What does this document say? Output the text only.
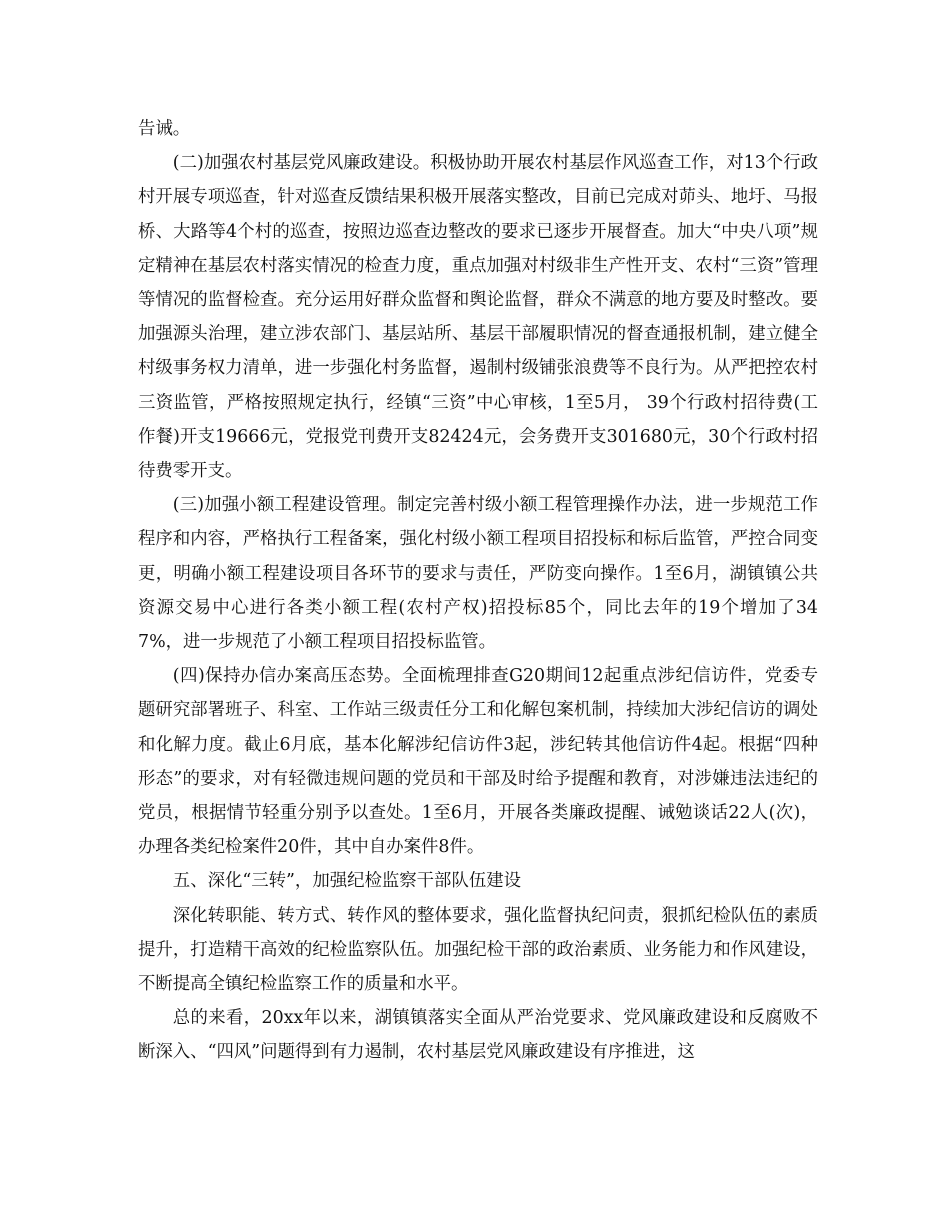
告诫。

(二)加强农村基层党风廉政建设。积极协助开展农村基层作风巡查工作，对13个行政村开展专项巡查，针对巡查反馈结果积极开展落实整改，目前已完成对茆头、地圩、马报桥、大路等4个村的巡查，按照边巡查边整改的要求已逐步开展督查。加大“中央八项”规定精神在基层农村落实情况的检查力度，重点加强对村级非生产性开支、农村“三资”管理等情况的监督检查。充分运用好群众监督和舆论监督，群众不满意的地方要及时整改。要加强源头治理，建立涉农部门、基层站所、基层干部履职情况的督查通报机制，建立健全村级事务权力清单，进一步强化村务监督，遏制村级铺张浪费等不良行为。从严把控农村三资监管，严格按照规定执行，经镇“三资”中心审核，1至5月， 39个行政村招待费(工作餐)开支19666元，党报党刊费开支82424元，会务费开支301680元，30个行政村招待费零开支。

(三)加强小额工程建设管理。制定完善村级小额工程管理操作办法，进一步规范工作程序和内容，严格执行工程备案，强化村级小额工程项目招投标和标后监管，严控合同变更，明确小额工程建设项目各环节的要求与责任，严防变向操作。1至6月，湖镇镇公共资源交易中心进行各类小额工程(农村产权)招投标85个，同比去年的19个增加了347%，进一步规范了小额工程项目招投标监管。

(四)保持办信办案高压态势。全面梳理排查G20期间12起重点涉纪信访件，党委专题研究部署班子、科室、工作站三级责任分工和化解包案机制，持续加大涉纪信访的调处和化解力度。截止6月底，基本化解涉纪信访件3起，涉纪转其他信访件4起。根据“四种形态”的要求，对有轻微违规问题的党员和干部及时给予提醒和教育，对涉嫌违法违纪的党员，根据情节轻重分别予以查处。1至6月，开展各类廉政提醒、诫勉谈话22人(次)，办理各类纪检案件20件，其中自办案件8件。

五、深化“三转”，加强纪检监察干部队伍建设

深化转职能、转方式、转作风的整体要求，强化监督执纪问责，狠抓纪检队伍的素质提升，打造精干高效的纪检监察队伍。加强纪检干部的政治素质、业务能力和作风建设，不断提高全镇纪检监察工作的质量和水平。

总的来看，20xx年以来，湖镇镇落实全面从严治党要求、党风廉政建设和反腐败不断深入、“四风”问题得到有力遏制，农村基层党风廉政建设有序推进，这
